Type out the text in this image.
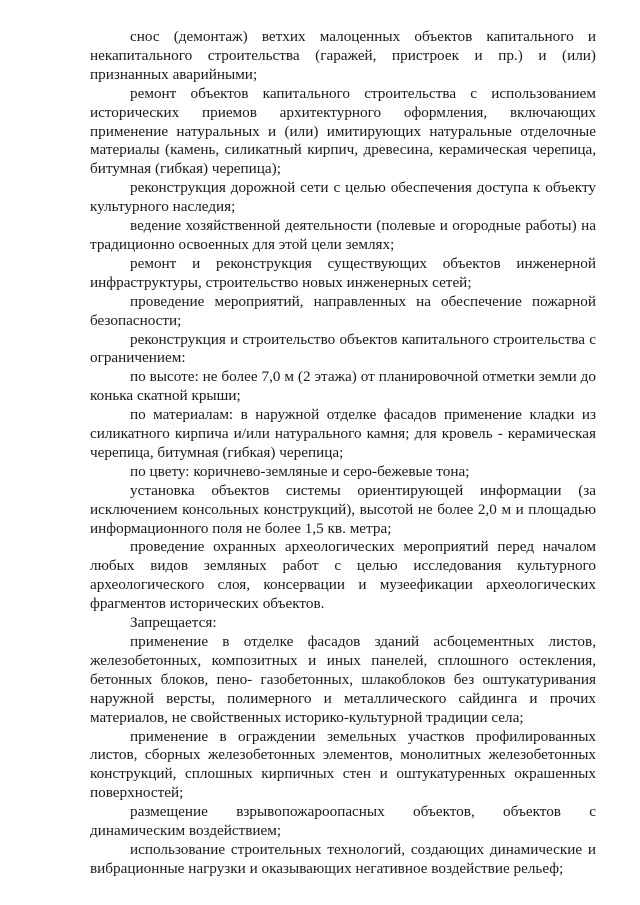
снос (демонтаж) ветхих малоценных объектов капитального и некапитального строительства (гаражей, пристроек и пр.) и (или) признанных аварийными;

ремонт объектов капитального строительства с использованием исторических приемов архитектурного оформления, включающих применение натуральных и (или) имитирующих натуральные отделочные материалы (камень, силикатный кирпич, древесина, керамическая черепица, битумная (гибкая) черепица);

реконструкция дорожной сети с целью обеспечения доступа к объекту культурного наследия;

ведение хозяйственной деятельности (полевые и огородные работы) на традиционно освоенных для этой цели землях;

ремонт и реконструкция существующих объектов инженерной инфраструктуры, строительство новых инженерных сетей;

проведение мероприятий, направленных на обеспечение пожарной безопасности;

реконструкция и строительство объектов капитального строительства с ограничением:

по высоте: не более 7,0 м (2 этажа) от планировочной отметки земли до конька скатной крыши;

по материалам: в наружной отделке фасадов применение кладки из силикатного кирпича и/или натурального камня; для кровель - керамическая черепица, битумная (гибкая) черепица;

по цвету: коричнево-земляные и серо-бежевые тона;

установка объектов системы ориентирующей информации (за исключением консольных конструкций), высотой не более 2,0 м и площадью информационного поля не более 1,5 кв. метра;

проведение охранных археологических мероприятий перед началом любых видов земляных работ с целью исследования культурного археологического слоя, консервации и музеефикации археологических фрагментов исторических объектов.

Запрещается:

применение в отделке фасадов зданий асбоцементных листов, железобетонных, композитных и иных панелей, сплошного остекления, бетонных блоков, пено- газобетонных, шлакоблоков без оштукатуривания наружной версты, полимерного и металлического сайдинга и прочих материалов, не свойственных историко-культурной традиции села;

применение в ограждении земельных участков профилированных листов, сборных железобетонных элементов, монолитных железобетонных конструкций, сплошных кирпичных стен и оштукатуренных окрашенных поверхностей;

размещение взрывопожароопасных объектов, объектов с динамическим воздействием;

использование строительных технологий, создающих динамические и вибрационные нагрузки и оказывающих негативное воздействие рельеф;
